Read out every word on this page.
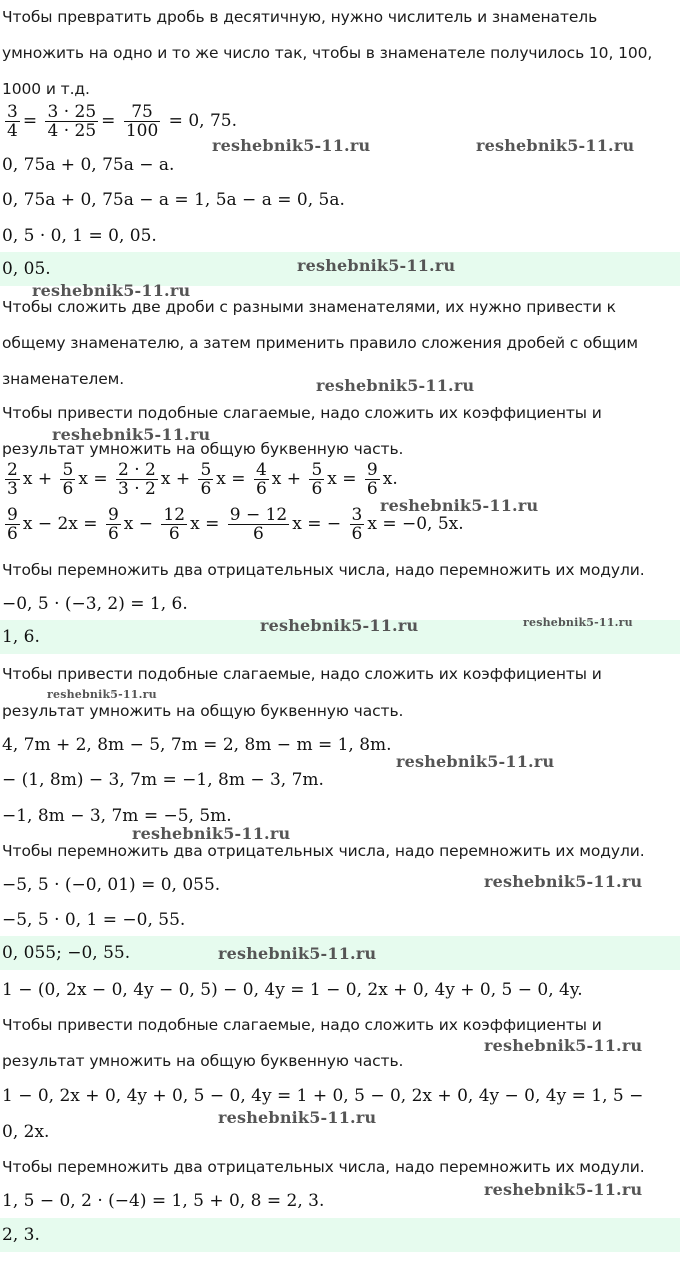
Чтобы превратить дробь в десятичную, нужно числитель и знаменатель
умножить на одно и то же число так, чтобы в знаменателе получилось 10, 100,
1000 и т.д.
$\frac{3}{4} = \frac{3 \cdot 25}{4 \cdot 25} = \frac{75}{100} = 0$, 75.
0, 75a + 0, 75a − a.
0, 75a + 0, 75a − a = 1, 5a − a = 0, 5a.
0, 5 · 0, 1 = 0, 05.
0, 05.
Чтобы сложить две дроби с разными знаменателями, их нужно привести к
общему знаменателю, а затем применить правило сложения дробей с общим
знаменателем.
Чтобы привести подобные слагаемые, надо сложить их коэффициенты и
результат умножить на общую буквенную часть.
$\frac{2}{3}$ $x + \frac{5}{6}$ $x = \frac{2 \cdot 2}{3 \cdot 2}$ $x + \frac{5}{6}$ $x = \frac{4}{6}$ $x + \frac{5}{6}$ $x = \frac{9}{6} x$.
$\frac{9}{6}$ $x - 2x = \frac{9}{6}$ $x - \frac{12}{6}$ $x = \frac{9 - 12}{6}$ x = − $\frac{3}{6}$ x = −0, 5x.
Чтобы перемножить два отрицательных числа, надо перемножить их модули.
−0, 5 · (−3, 2) = 1, 6.
1, 6.
Чтобы привести подобные слагаемые, надо сложить их коэффициенты и
результат умножить на общую буквенную часть.
4, 7m + 2, 8m − 5, 7m = 2, 8m − m = 1, 8m.
− (1, 8m) − 3, 7m = −1, 8m − 3, 7m.
−1, 8m − 3, 7m = −5, 5m.
Чтобы перемножить два отрицательных числа, надо перемножить их модули.
−5, 5 · (−0, 01) = 0, 055.
−5, 5 · 0, 1 = −0, 55.
0, 055; −0, 55.
1 − (0, 2x − 0, 4y − 0, 5) − 0, 4y = 1 − 0, 2x + 0, 4y + 0, 5 − 0, 4y.
Чтобы привести подобные слагаемые, надо сложить их коэффициенты и
результат умножить на общую буквенную часть.
1 − 0, 2x + 0, 4y + 0, 5 − 0, 4y = 1 + 0, 5 − 0, 2x + 0, 4y − 0, 4y = 1, 5 −
0, 2x.
Чтобы перемножить два отрицательных числа, надо перемножить их модули.
1, 5 − 0, 2 · (−4) = 1, 5 + 0, 8 = 2, 3.
2, 3.
reshebnik5-11.ru	reshebnik5-11.ru
reshebnik5-11.ru
reshebnik5-11.ru
reshebnik5-11.ru
reshebnik5-11.ru
reshebnik5-11.ru
reshebnik5-11.ru	reshebnik5-11.ru
reshebnik5-11.ru
reshebnik5-11.ru
reshebnik5-11.ru
reshebnik5-11.ru
reshebnik5-11.ru
reshebnik5-11.ru
reshebnik5-11.ru
reshebnik5-11.ru
